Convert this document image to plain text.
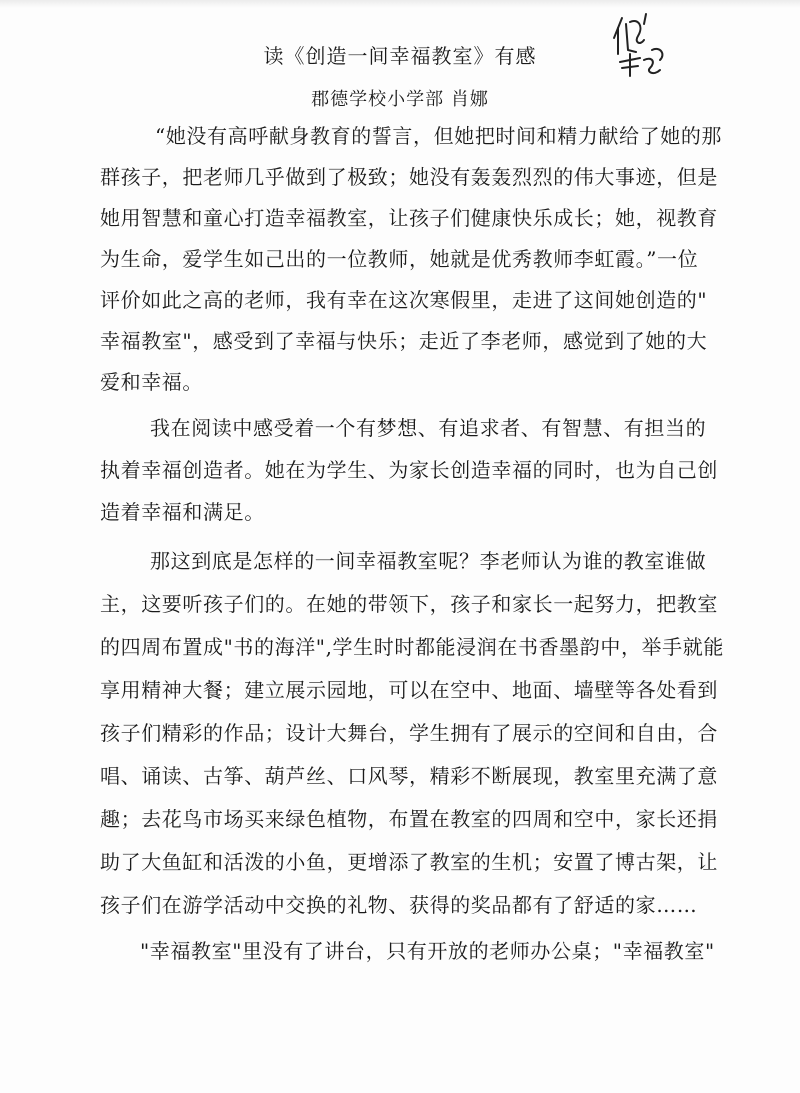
读《创造一间幸福教室》有感

郡德学校小学部 肖娜

“她没有高呼献身教育的誓言，但她把时间和精力献给了她的那

群孩子，把老师几乎做到了极致；她没有轰轰烈烈的伟大事迹，但是

她用智慧和童心打造幸福教室，让孩子们健康快乐成长；她，视教育

为生命，爱学生如己出的一位教师，她就是优秀教师李虹霞。”一位

评价如此之高的老师，我有幸在这次寒假里，走进了这间她创造的"

幸福教室"，感受到了幸福与快乐；走近了李老师，感觉到了她的大

爱和幸福。

我在阅读中感受着一个有梦想、有追求者、有智慧、有担当的

执着幸福创造者。她在为学生、为家长创造幸福的同时，也为自己创

造着幸福和满足。

那这到底是怎样的一间幸福教室呢？李老师认为谁的教室谁做

主，这要听孩子们的。在她的带领下，孩子和家长一起努力，把教室

的四周布置成"书的海洋",学生时时都能浸润在书香墨韵中，举手就能

享用精神大餐；建立展示园地，可以在空中、地面、墙壁等各处看到

孩子们精彩的作品；设计大舞台，学生拥有了展示的空间和自由，合

唱、诵读、古筝、葫芦丝、口风琴，精彩不断展现，教室里充满了意

趣；去花鸟市场买来绿色植物，布置在教室的四周和空中，家长还捐

助了大鱼缸和活泼的小鱼，更增添了教室的生机；安置了博古架，让

孩子们在游学活动中交换的礼物、获得的奖品都有了舒适的家……

"幸福教室"里没有了讲台，只有开放的老师办公桌；"幸福教室"
